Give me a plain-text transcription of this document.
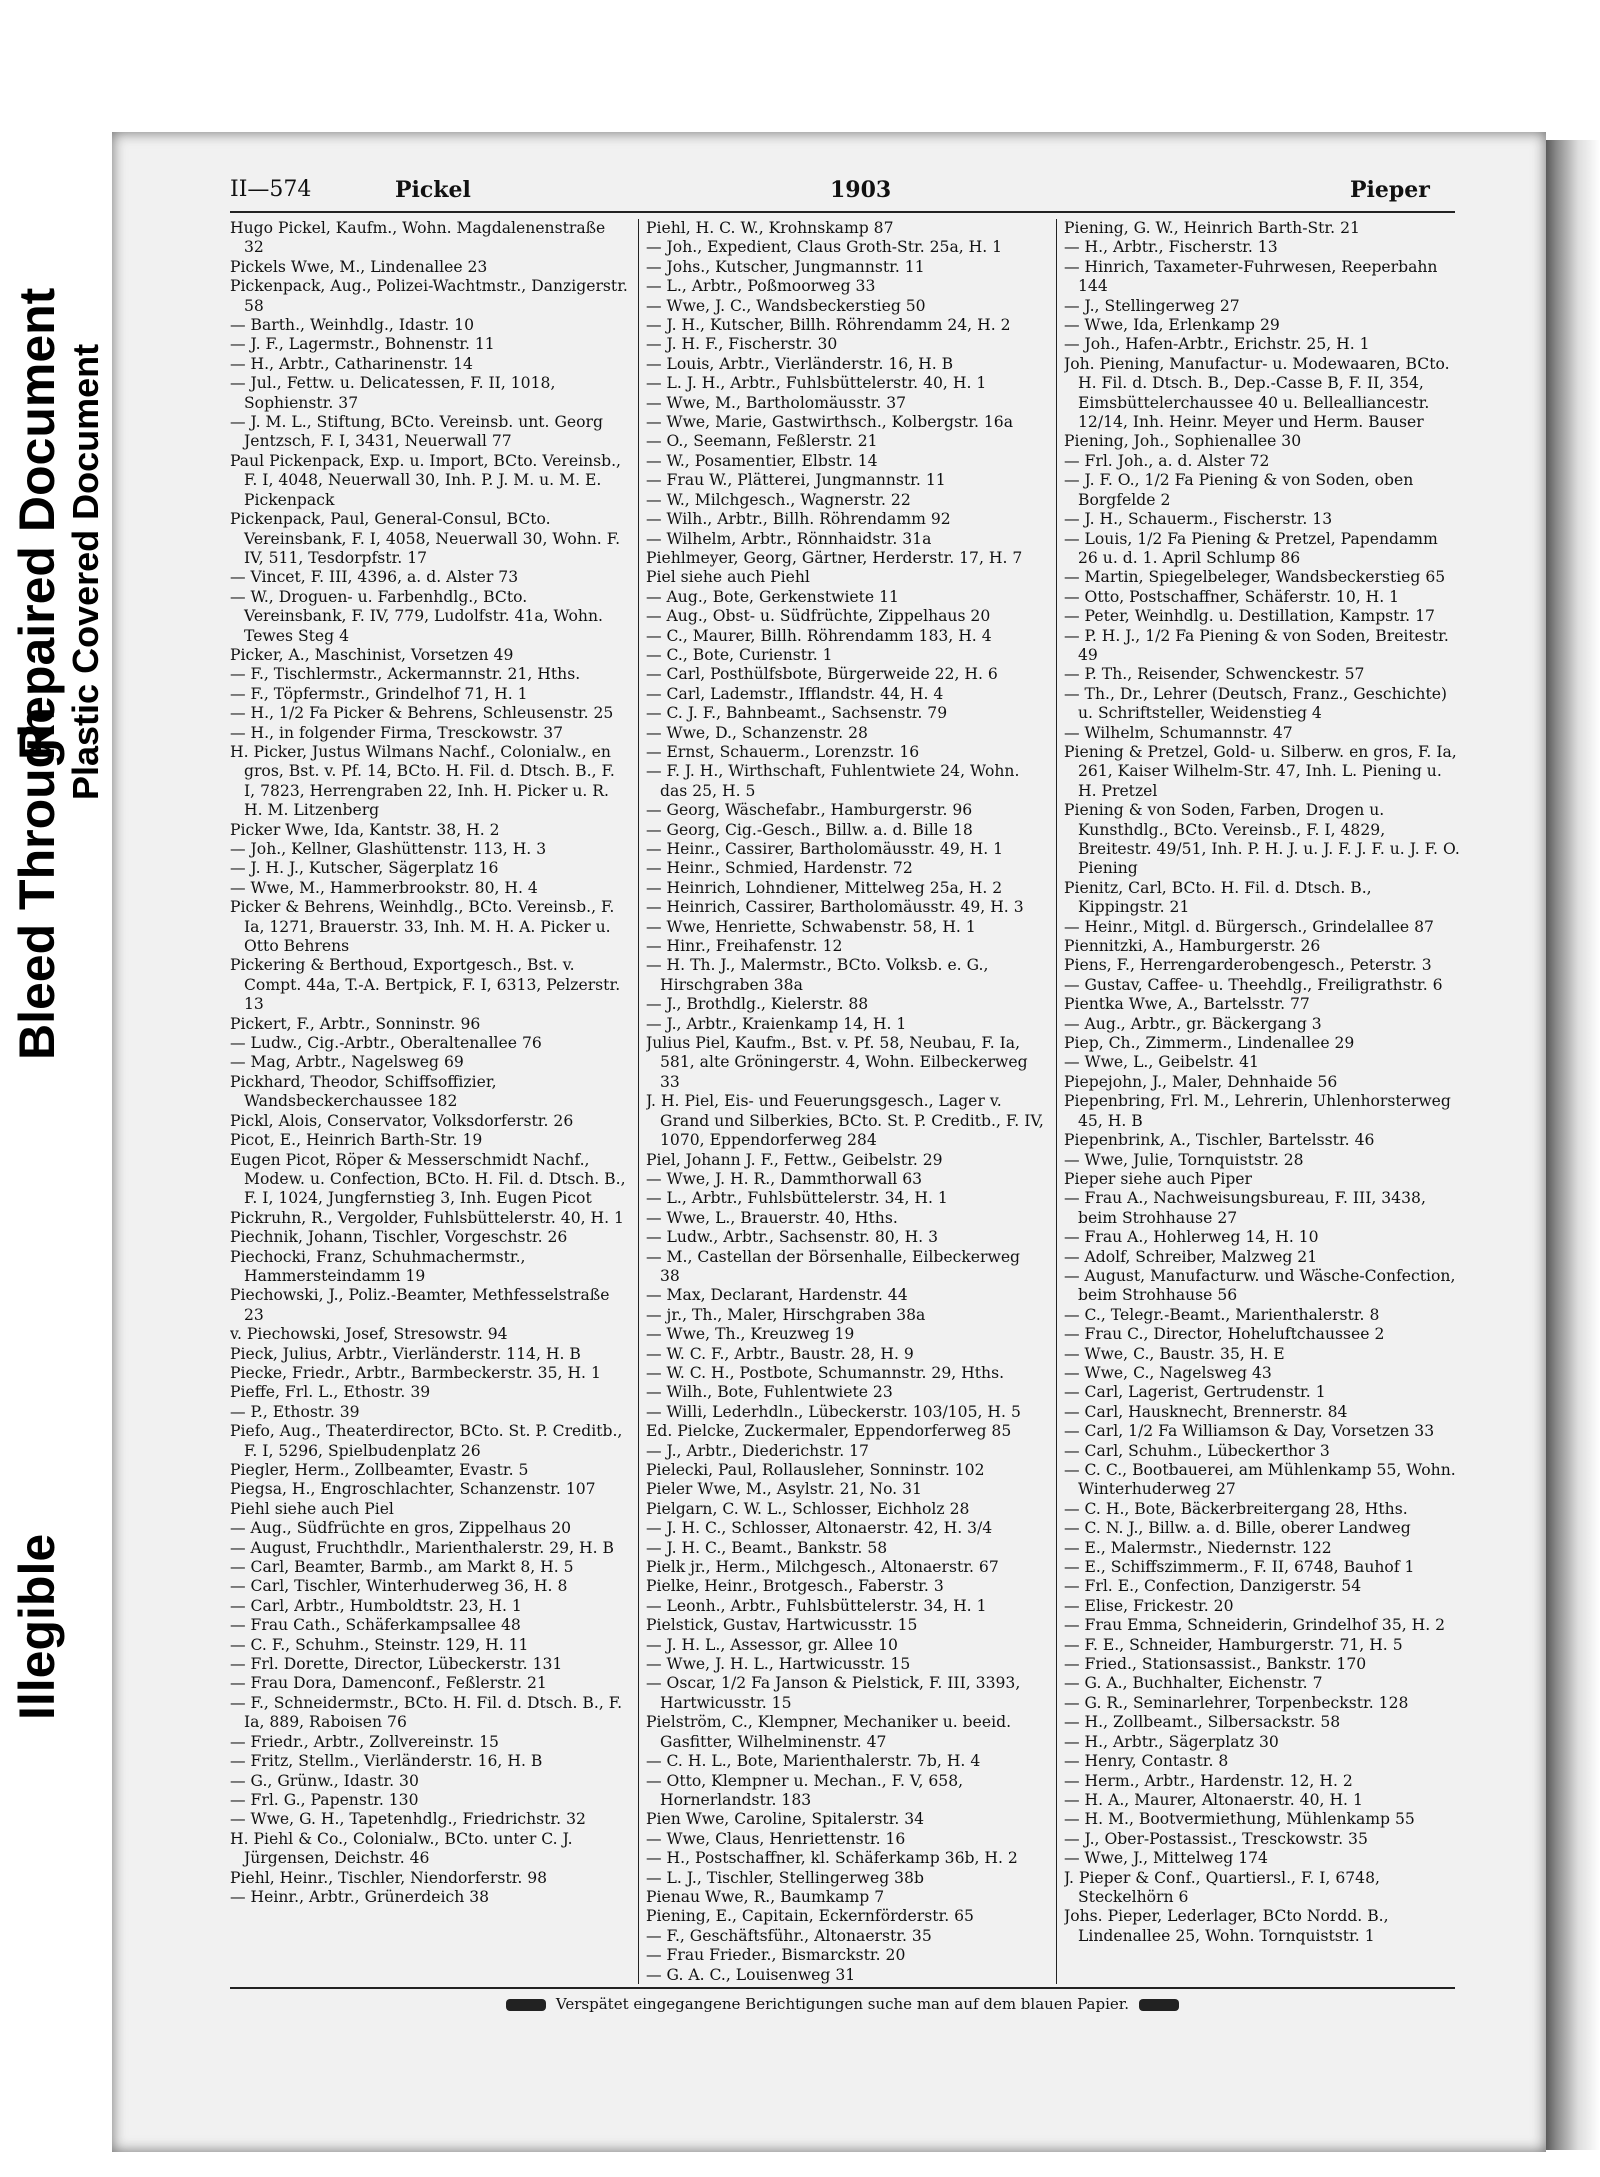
Illegible
Bleed Through
Repaired Document Plastic Covered Document
II—574	Pickel	1903	Pieper

Hugo Pickel, Kaufm., Wohn. Magdalenenstraße 32

Pickels Wwe, M., Lindenallee 23

Pickenpack, Aug., Polizei-Wachtmstr., Danzigerstr. 58

— Barth., Weinhdlg., Idastr. 10

— J. F., Lagermstr., Bohnenstr. 11

— H., Arbtr., Catharinenstr. 14

— Jul., Fettw. u. Delicatessen, F. II, 1018, Sophienstr. 37

— J. M. L., Stiftung, BCto. Vereinsb. unt. Georg Jentzsch, F. I, 3431, Neuerwall 77

Paul Pickenpack, Exp. u. Import, BCto. Vereinsb., F. I, 4048, Neuerwall 30, Inh. P. J. M. u. M. E. Pickenpack

Pickenpack, Paul, General-Consul, BCto. Vereinsbank, F. I, 4058, Neuerwall 30, Wohn. F. IV, 511, Tesdorpfstr. 17

— Vincet, F. III, 4396, a. d. Alster 73

— W., Droguen- u. Farbenhdlg., BCto. Vereinsbank, F. IV, 779, Ludolfstr. 41a, Wohn. Tewes Steg 4

Picker, A., Maschinist, Vorsetzen 49

— F., Tischlermstr., Ackermannstr. 21, Hths.

— F., Töpfermstr., Grindelhof 71, H. 1

— H., 1/2 Fa Picker & Behrens, Schleusenstr. 25

— H., in folgender Firma, Tresckowstr. 37

H. Picker, Justus Wilmans Nachf., Colonialw., en gros, Bst. v. Pf. 14, BCto. H. Fil. d. Dtsch. B., F. I, 7823, Herrengraben 22, Inh. H. Picker u. R. H. M. Litzenberg

Picker Wwe, Ida, Kantstr. 38, H. 2

— Joh., Kellner, Glashüttenstr. 113, H. 3

— J. H. J., Kutscher, Sägerplatz 16

— Wwe, M., Hammerbrookstr. 80, H. 4

Picker & Behrens, Weinhdlg., BCto. Vereinsb., F. Ia, 1271, Brauerstr. 33, Inh. M. H. A. Picker u. Otto Behrens

Pickering & Berthoud, Exportgesch., Bst. v. Compt. 44a, T.-A. Bertpick, F. I, 6313, Pelzerstr. 13

Pickert, F., Arbtr., Sonninstr. 96

— Ludw., Cig.-Arbtr., Oberaltenallee 76

— Mag, Arbtr., Nagelsweg 69

Pickhard, Theodor, Schiffsoffizier, Wandsbeckerchaussee 182

Pickl, Alois, Conservator, Volksdorferstr. 26

Picot, E., Heinrich Barth-Str. 19

Eugen Picot, Röper & Messerschmidt Nachf., Modew. u. Confection, BCto. H. Fil. d. Dtsch. B., F. I, 1024, Jungfernstieg 3, Inh. Eugen Picot

Pickruhn, R., Vergolder, Fuhlsbüttelerstr. 40, H. 1

Piechnik, Johann, Tischler, Vorgeschstr. 26

Piechocki, Franz, Schuhmachermstr., Hammersteindamm 19

Piechowski, J., Poliz.-Beamter, Methfesselstraße 23

v. Piechowski, Josef, Stresowstr. 94

Pieck, Julius, Arbtr., Vierländerstr. 114, H. B

Piecke, Friedr., Arbtr., Barmbeckerstr. 35, H. 1

Pieffe, Frl. L., Ethostr. 39

— P., Ethostr. 39

Piefo, Aug., Theaterdirector, BCto. St. P. Creditb., F. I, 5296, Spielbudenplatz 26

Piegler, Herm., Zollbeamter, Evastr. 5

Piegsa, H., Engroschlachter, Schanzenstr. 107

Piehl siehe auch Piel

— Aug., Südfrüchte en gros, Zippelhaus 20

— August, Fruchthdlr., Marienthalerstr. 29, H. B

— Carl, Beamter, Barmb., am Markt 8, H. 5

— Carl, Tischler, Winterhuderweg 36, H. 8

— Carl, Arbtr., Humboldtstr. 23, H. 1

— Frau Cath., Schäferkampsallee 48

— C. F., Schuhm., Steinstr. 129, H. 11

— Frl. Dorette, Director, Lübeckerstr. 131

— Frau Dora, Damenconf., Feßlerstr. 21

— F., Schneidermstr., BCto. H. Fil. d. Dtsch. B., F. Ia, 889, Raboisen 76

— Friedr., Arbtr., Zollvereinstr. 15

— Fritz, Stellm., Vierländerstr. 16, H. B

— G., Grünw., Idastr. 30

— Frl. G., Papenstr. 130

— Wwe, G. H., Tapetenhdlg., Friedrichstr. 32

H. Piehl & Co., Colonialw., BCto. unter C. J. Jürgensen, Deichstr. 46

Piehl, Heinr., Tischler, Niendorferstr. 98

— Heinr., Arbtr., Grünerdeich 38

Piehl, H. C. W., Krohnskamp 87

— Joh., Expedient, Claus Groth-Str. 25a, H. 1

— Johs., Kutscher, Jungmannstr. 11

— L., Arbtr., Poßmoorweg 33

— Wwe, J. C., Wandsbeckerstieg 50

— J. H., Kutscher, Billh. Röhrendamm 24, H. 2

— J. H. F., Fischerstr. 30

— Louis, Arbtr., Vierländerstr. 16, H. B

— L. J. H., Arbtr., Fuhlsbüttelerstr. 40, H. 1

— Wwe, M., Bartholomäusstr. 37

— Wwe, Marie, Gastwirthsch., Kolbergstr. 16a

— O., Seemann, Feßlerstr. 21

— W., Posamentier, Elbstr. 14

— Frau W., Plätterei, Jungmannstr. 11

— W., Milchgesch., Wagnerstr. 22

— Wilh., Arbtr., Billh. Röhrendamm 92

— Wilhelm, Arbtr., Rönnhaidstr. 31a

Piehlmeyer, Georg, Gärtner, Herderstr. 17, H. 7

Piel siehe auch Piehl

— Aug., Bote, Gerkenstwiete 11

— Aug., Obst- u. Südfrüchte, Zippelhaus 20

— C., Maurer, Billh. Röhrendamm 183, H. 4

— C., Bote, Curienstr. 1

— Carl, Posthülfsbote, Bürgerweide 22, H. 6

— Carl, Lademstr., Ifflandstr. 44, H. 4

— C. J. F., Bahnbeamt., Sachsenstr. 79

— Wwe, D., Schanzenstr. 28

— Ernst, Schauerm., Lorenzstr. 16

— F. J. H., Wirthschaft, Fuhlentwiete 24, Wohn. das 25, H. 5

— Georg, Wäschefabr., Hamburgerstr. 96

— Georg, Cig.-Gesch., Billw. a. d. Bille 18

— Heinr., Cassirer, Bartholomäusstr. 49, H. 1

— Heinr., Schmied, Hardenstr. 72

— Heinrich, Lohndiener, Mittelweg 25a, H. 2

— Heinrich, Cassirer, Bartholomäusstr. 49, H. 3

— Wwe, Henriette, Schwabenstr. 58, H. 1

— Hinr., Freihafenstr. 12

— H. Th. J., Malermstr., BCto. Volksb. e. G., Hirschgraben 38a

— J., Brothdlg., Kielerstr. 88

— J., Arbtr., Kraienkamp 14, H. 1

Julius Piel, Kaufm., Bst. v. Pf. 58, Neubau, F. Ia, 581, alte Gröningerstr. 4, Wohn. Eilbeckerweg 33

J. H. Piel, Eis- und Feuerungsgesch., Lager v. Grand und Silberkies, BCto. St. P. Creditb., F. IV, 1070, Eppendorferweg 284

Piel, Johann J. F., Fettw., Geibelstr. 29

— Wwe, J. H. R., Dammthorwall 63

— L., Arbtr., Fuhlsbüttelerstr. 34, H. 1

— Wwe, L., Brauerstr. 40, Hths.

— Ludw., Arbtr., Sachsenstr. 80, H. 3

— M., Castellan der Börsenhalle, Eilbeckerweg 38

— Max, Declarant, Hardenstr. 44

— jr., Th., Maler, Hirschgraben 38a

— Wwe, Th., Kreuzweg 19

— W. C. F., Arbtr., Baustr. 28, H. 9

— W. C. H., Postbote, Schumannstr. 29, Hths.

— Wilh., Bote, Fuhlentwiete 23

— Willi, Lederhdln., Lübeckerstr. 103/105, H. 5

Ed. Pielcke, Zuckermaler, Eppendorferweg 85

— J., Arbtr., Diederichstr. 17

Pielecki, Paul, Rollausleher, Sonninstr. 102

Pieler Wwe, M., Asylstr. 21, No. 31

Pielgarn, C. W. L., Schlosser, Eichholz 28

— J. H. C., Schlosser, Altonaerstr. 42, H. 3/4

— J. H. C., Beamt., Bankstr. 58

Pielk jr., Herm., Milchgesch., Altonaerstr. 67

Pielke, Heinr., Brotgesch., Faberstr. 3

— Leonh., Arbtr., Fuhlsbüttelerstr. 34, H. 1

Pielstick, Gustav, Hartwicusstr. 15

— J. H. L., Assessor, gr. Allee 10

— Wwe, J. H. L., Hartwicusstr. 15

— Oscar, 1/2 Fa Janson & Pielstick, F. III, 3393, Hartwicusstr. 15

Pielström, C., Klempner, Mechaniker u. beeid. Gasfitter, Wilhelminenstr. 47

— C. H. L., Bote, Marienthalerstr. 7b, H. 4

— Otto, Klempner u. Mechan., F. V, 658, Hornerlandstr. 183

Pien Wwe, Caroline, Spitalerstr. 34

— Wwe, Claus, Henriettenstr. 16

— H., Postschaffner, kl. Schäferkamp 36b, H. 2

— L. J., Tischler, Stellingerweg 38b

Pienau Wwe, R., Baumkamp 7

Piening, E., Capitain, Eckernförderstr. 65

— F., Geschäftsführ., Altonaerstr. 35

— Frau Frieder., Bismarckstr. 20

— G. A. C., Louisenweg 31

Piening, G. W., Heinrich Barth-Str. 21

— H., Arbtr., Fischerstr. 13

— Hinrich, Taxameter-Fuhrwesen, Reeperbahn 144

— J., Stellingerweg 27

— Wwe, Ida, Erlenkamp 29

— Joh., Hafen-Arbtr., Erichstr. 25, H. 1

Joh. Piening, Manufactur- u. Modewaaren, BCto. H. Fil. d. Dtsch. B., Dep.-Casse B, F. II, 354, Eimsbüttelerchaussee 40 u. Bellealliancestr. 12/14, Inh. Heinr. Meyer und Herm. Bauser

Piening, Joh., Sophienallee 30

— Frl. Joh., a. d. Alster 72

— J. F. O., 1/2 Fa Piening & von Soden, oben Borgfelde 2

— J. H., Schauerm., Fischerstr. 13

— Louis, 1/2 Fa Piening & Pretzel, Papendamm 26 u. d. 1. April Schlump 86

— Martin, Spiegelbeleger, Wandsbeckerstieg 65

— Otto, Postschaffner, Schäferstr. 10, H. 1

— Peter, Weinhdlg. u. Destillation, Kampstr. 17

— P. H. J., 1/2 Fa Piening & von Soden, Breitestr. 49

— P. Th., Reisender, Schwenckestr. 57

— Th., Dr., Lehrer (Deutsch, Franz., Geschichte) u. Schriftsteller, Weidenstieg 4

— Wilhelm, Schumannstr. 47

Piening & Pretzel, Gold- u. Silberw. en gros, F. Ia, 261, Kaiser Wilhelm-Str. 47, Inh. L. Piening u. H. Pretzel

Piening & von Soden, Farben, Drogen u. Kunsthdlg., BCto. Vereinsb., F. I, 4829, Breitestr. 49/51, Inh. P. H. J. u. J. F. J. F. u. J. F. O. Piening

Pienitz, Carl, BCto. H. Fil. d. Dtsch. B., Kippingstr. 21

— Heinr., Mitgl. d. Bürgersch., Grindelallee 87

Piennitzki, A., Hamburgerstr. 26

Piens, F., Herrengarderobengesch., Peterstr. 3

— Gustav, Caffee- u. Theehdlg., Freiligrathstr. 6

Pientka Wwe, A., Bartelsstr. 77

— Aug., Arbtr., gr. Bäckergang 3

Piep, Ch., Zimmerm., Lindenallee 29

— Wwe, L., Geibelstr. 41

Piepejohn, J., Maler, Dehnhaide 56

Piepenbring, Frl. M., Lehrerin, Uhlenhorsterweg 45, H. B

Piepenbrink, A., Tischler, Bartelsstr. 46

— Wwe, Julie, Tornquiststr. 28

Pieper siehe auch Piper

— Frau A., Nachweisungsbureau, F. III, 3438, beim Strohhause 27

— Frau A., Hohlerweg 14, H. 10

— Adolf, Schreiber, Malzweg 21

— August, Manufacturw. und Wäsche-Confection, beim Strohhause 56

— C., Telegr.-Beamt., Marienthalerstr. 8

— Frau C., Director, Hoheluftchaussee 2

— Wwe, C., Baustr. 35, H. E

— Wwe, C., Nagelsweg 43

— Carl, Lagerist, Gertrudenstr. 1

— Carl, Hausknecht, Brennerstr. 84

— Carl, 1/2 Fa Williamson & Day, Vorsetzen 33

— Carl, Schuhm., Lübeckerthor 3

— C. C., Bootbauerei, am Mühlenkamp 55, Wohn. Winterhuderweg 27

— C. H., Bote, Bäckerbreitergang 28, Hths.

— C. N. J., Billw. a. d. Bille, oberer Landweg

— E., Malermstr., Niedernstr. 122

— E., Schiffszimmerm., F. II, 6748, Bauhof 1

— Frl. E., Confection, Danzigerstr. 54

— Elise, Frickestr. 20

— Frau Emma, Schneiderin, Grindelhof 35, H. 2

— F. E., Schneider, Hamburgerstr. 71, H. 5

— Fried., Stationsassist., Bankstr. 170

— G. A., Buchhalter, Eichenstr. 7

— G. R., Seminarlehrer, Torpenbeckstr. 128

— H., Zollbeamt., Silbersackstr. 58

— H., Arbtr., Sägerplatz 30

— Henry, Contastr. 8

— Herm., Arbtr., Hardenstr. 12, H. 2

— H. A., Maurer, Altonaerstr. 40, H. 1

— H. M., Bootvermiethung, Mühlenkamp 55

— J., Ober-Postassist., Tresckowstr. 35

— Wwe, J., Mittelweg 174

J. Pieper & Conf., Quartiersl., F. I, 6748, Steckelhörn 6

Johs. Pieper, Lederlager, BCto Nordd. B., Lindenallee 25, Wohn. Tornquiststr. 1

Verspätet eingegangene Berichtigungen suche man auf dem blauen Papier.
